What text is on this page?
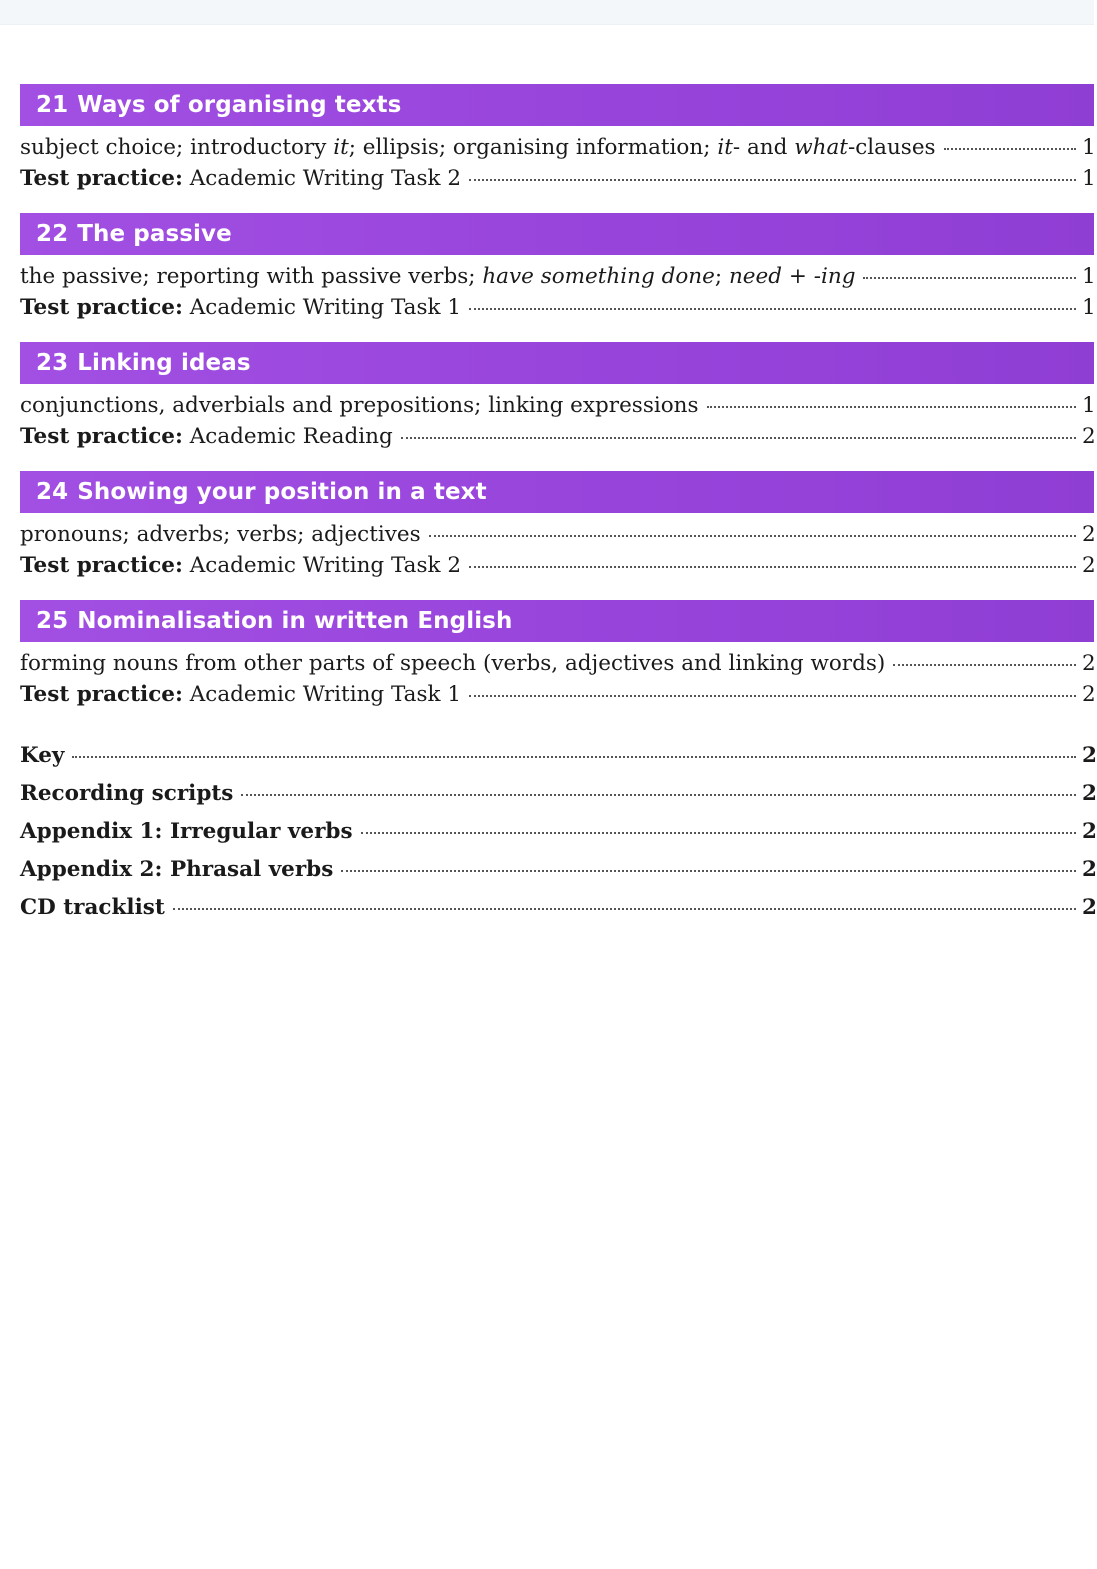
21 Ways of organising texts
subject choice; introductory it; ellipsis; organising information; it- and what-clauses	1
Test practice: Academic Writing Task 2	1
22 The passive
the passive; reporting with passive verbs; have something done; need + -ing	1
Test practice: Academic Writing Task 1	1
23 Linking ideas
conjunctions, adverbials and prepositions; linking expressions	1
Test practice: Academic Reading	2
24 Showing your position in a text
pronouns; adverbs; verbs; adjectives	2
Test practice: Academic Writing Task 2	2
25 Nominalisation in written English
forming nouns from other parts of speech (verbs, adjectives and linking words)	2
Test practice: Academic Writing Task 1	2
Key	2
Recording scripts	2
Appendix 1: Irregular verbs	2
Appendix 2: Phrasal verbs	2
CD tracklist	2
